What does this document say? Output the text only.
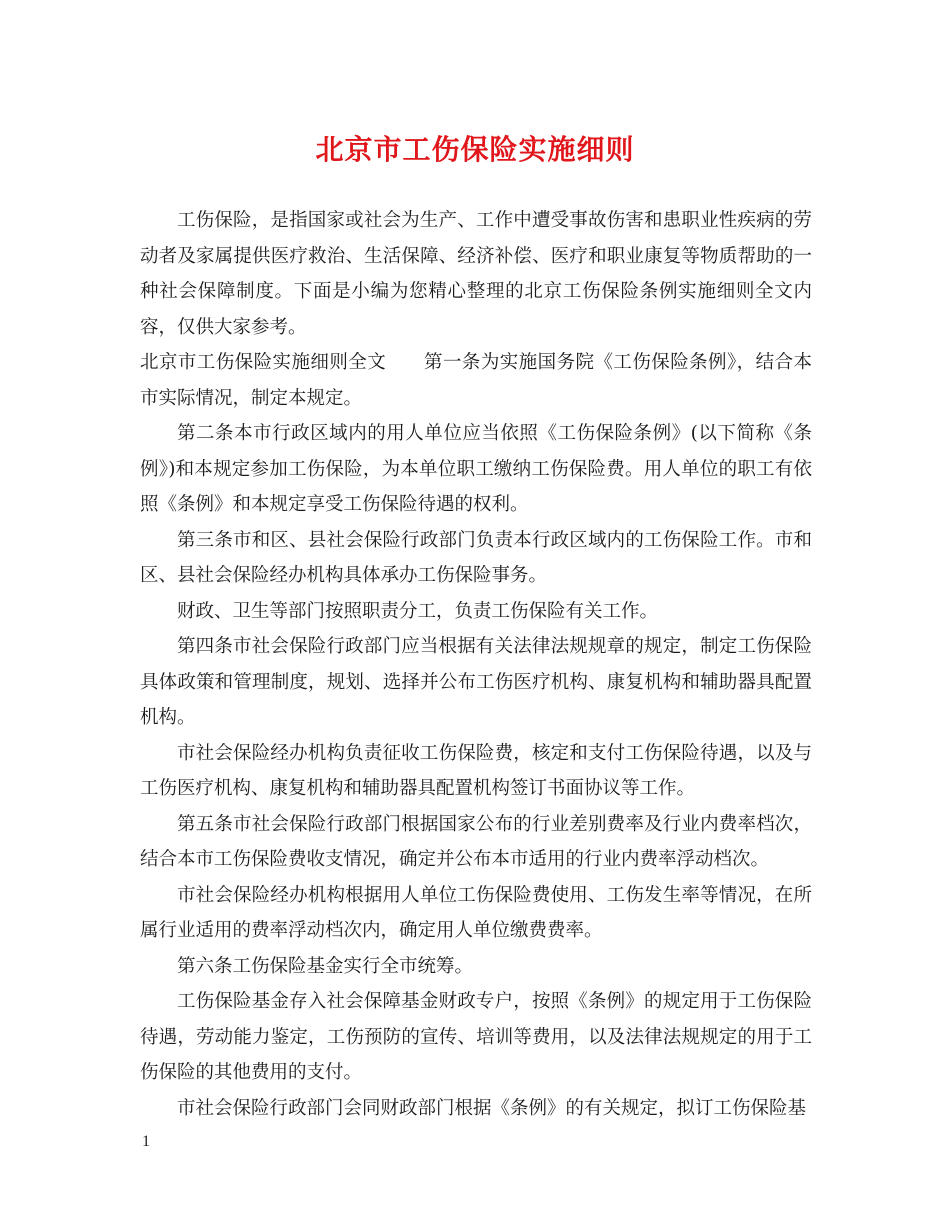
北京市工伤保险实施细则

工伤保险，是指国家或社会为生产、工作中遭受事故伤害和患职业性疾病的劳动者及家属提供医疗救治、生活保障、经济补偿、医疗和职业康复等物质帮助的一种社会保障制度。下面是小编为您精心整理的北京工伤保险条例实施细则全文内容，仅供大家参考。

北京市工伤保险实施细则全文　　第一条为实施国务院《工伤保险条例》，结合本市实际情况，制定本规定。

第二条本市行政区域内的用人单位应当依照《工伤保险条例》(以下简称《条例》)和本规定参加工伤保险，为本单位职工缴纳工伤保险费。用人单位的职工有依照《条例》和本规定享受工伤保险待遇的权利。

第三条市和区、县社会保险行政部门负责本行政区域内的工伤保险工作。市和区、县社会保险经办机构具体承办工伤保险事务。

财政、卫生等部门按照职责分工，负责工伤保险有关工作。

第四条市社会保险行政部门应当根据有关法律法规规章的规定，制定工伤保险具体政策和管理制度，规划、选择并公布工伤医疗机构、康复机构和辅助器具配置机构。

市社会保险经办机构负责征收工伤保险费，核定和支付工伤保险待遇，以及与工伤医疗机构、康复机构和辅助器具配置机构签订书面协议等工作。

第五条市社会保险行政部门根据国家公布的行业差别费率及行业内费率档次，结合本市工伤保险费收支情况，确定并公布本市适用的行业内费率浮动档次。

市社会保险经办机构根据用人单位工伤保险费使用、工伤发生率等情况，在所属行业适用的费率浮动档次内，确定用人单位缴费费率。

第六条工伤保险基金实行全市统筹。

工伤保险基金存入社会保障基金财政专户，按照《条例》的规定用于工伤保险待遇，劳动能力鉴定，工伤预防的宣传、培训等费用，以及法律法规规定的用于工伤保险的其他费用的支付。

市社会保险行政部门会同财政部门根据《条例》的有关规定，拟订工伤保险基

1
